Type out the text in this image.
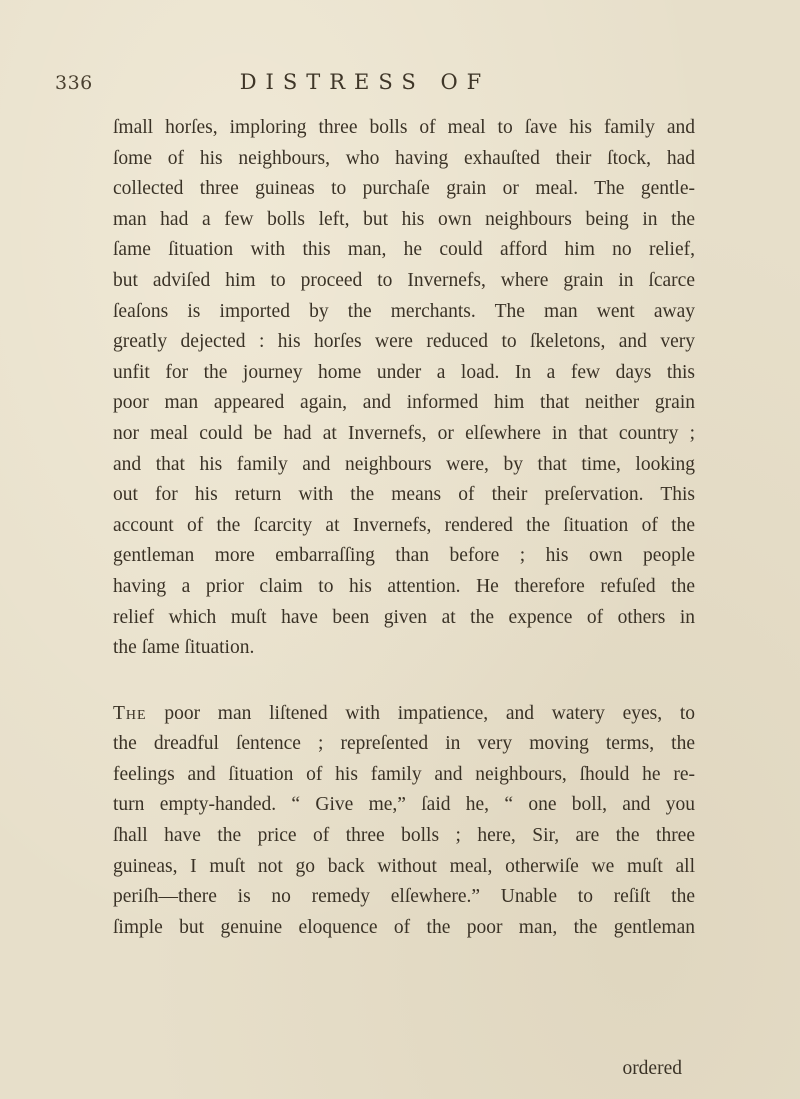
336	DISTRESS OF
ſmall horſes, imploring three bolls of meal to ſave his family and
ſome of his neighbours, who having exhauſted their ſtock, had
collected three guineas to purchaſe grain or meal. The gentle-
man had a few bolls left, but his own neighbours being in the
ſame ſituation with this man, he could afford him no relief,
but adviſed him to proceed to Invernefs, where grain in ſcarce
ſeaſons is imported by the merchants. The man went away
greatly dejected : his horſes were reduced to ſkeletons, and very
unfit for the journey home under a load. In a few days this
poor man appeared again, and informed him that neither grain
nor meal could be had at Invernefs, or elſewhere in that country ;
and that his family and neighbours were, by that time, looking
out for his return with the means of their preſervation. This
account of the ſcarcity at Invernefs, rendered the ſituation of the
gentleman more embarraſſing than before ; his own people
having a prior claim to his attention. He therefore refuſed the
relief which muſt have been given at the expence of others in
the ſame ſituation.
The poor man liſtened with impatience, and watery eyes, to
the dreadful ſentence ; repreſented in very moving terms, the
feelings and ſituation of his family and neighbours, ſhould he re-
turn empty-handed. “ Give me,” ſaid he, “ one boll, and you
ſhall have the price of three bolls ; here, Sir, are the three
guineas, I muſt not go back without meal, otherwiſe we muſt all
periſh—there is no remedy elſewhere.” Unable to reſiſt the
ſimple but genuine eloquence of the poor man, the gentleman
ordered
